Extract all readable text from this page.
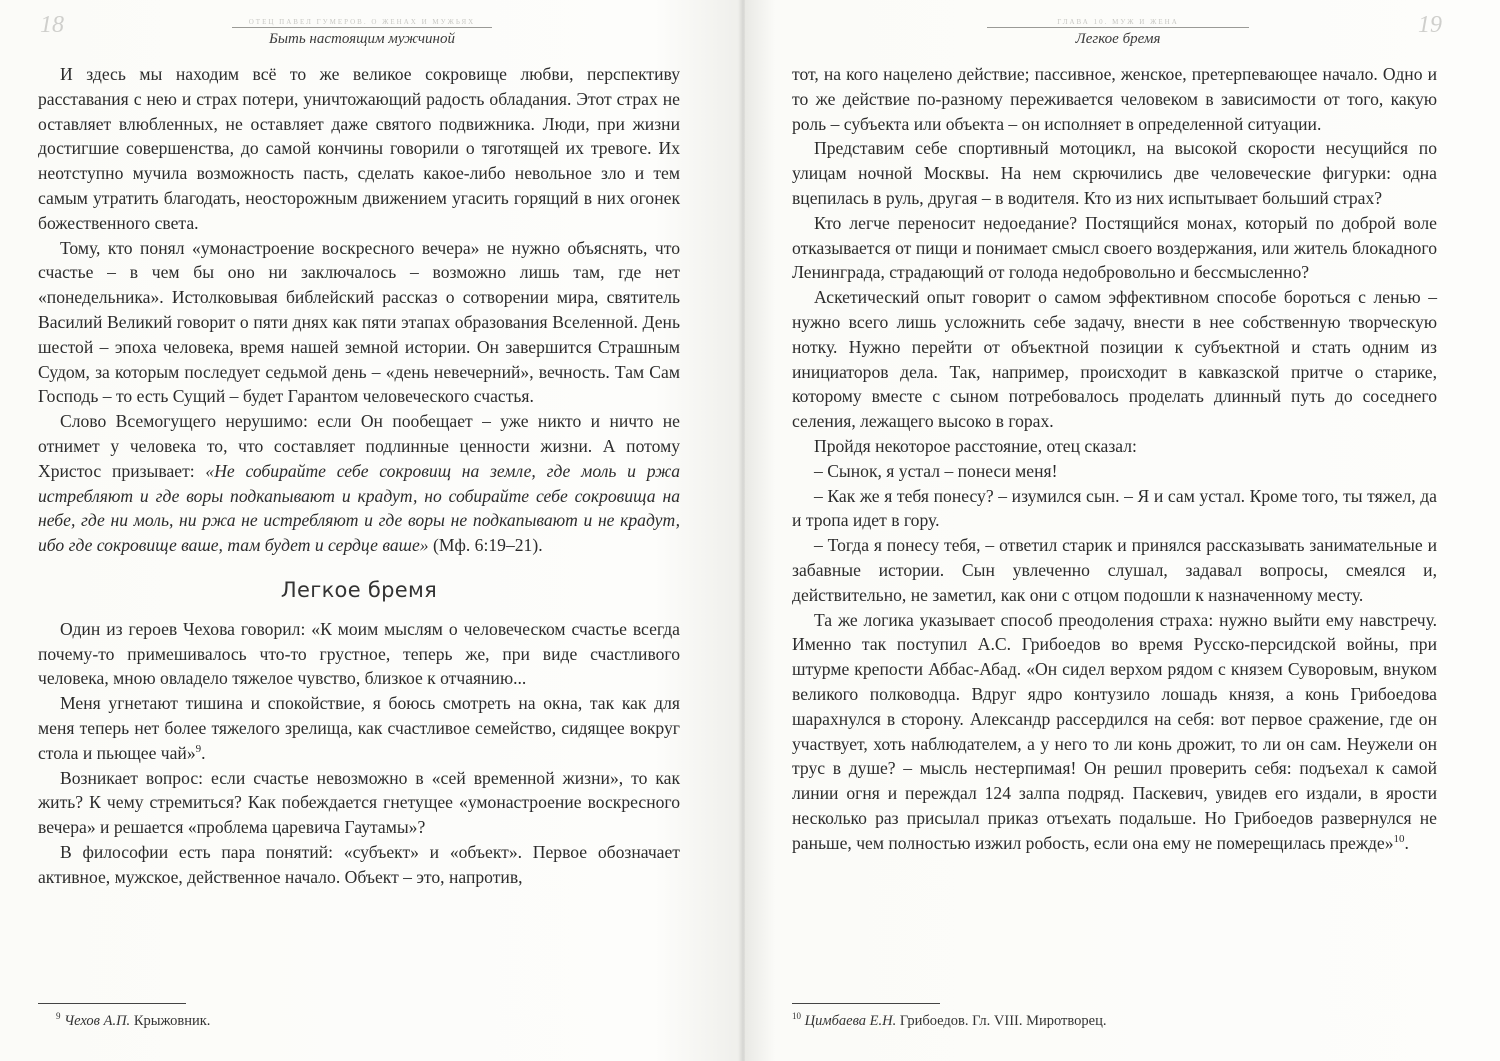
18	ОТЕЦ ПАВЕЛ ГУМЕРОВ. О ЖЕНАХ И МУЖЬЯХ
Быть настоящим мужчиной

И здесь мы находим всё то же великое сокровище любви, перспективу расставания с нею и страх потери, уничтожающий радость обладания. Этот страх не оставляет влюбленных, не оставляет даже святого подвижника. Люди, при жизни достигшие совершенства, до самой кончины говорили о тяготящей их тревоге. Их неотступно мучила возможность пасть, сделать какое-либо невольное зло и тем самым утратить благодать, неосторожным движением угасить горящий в них огонек божественного света.

Тому, кто понял «умонастроение воскресного вечера» не нужно объяснять, что счастье – в чем бы оно ни заключалось – возможно лишь там, где нет «понедельника». Истолковывая библейский рассказ о сотворении мира, святитель Василий Великий говорит о пяти днях как пяти этапах образования Вселенной. День шестой – эпоха человека, время нашей земной истории. Он завершится Страшным Судом, за которым последует седьмой день – «день невечерний», вечность. Там Сам Господь – то есть Сущий – будет Гарантом человеческого счастья.

Слово Всемогущего нерушимо: если Он пообещает – уже никто и ничто не отнимет у человека то, что составляет подлинные ценности жизни. А потому Христос призывает: «Не собирайте себе сокровищ на земле, где моль и ржа истребляют и где воры подкапывают и крадут, но собирайте себе сокровища на небе, где ни моль, ни ржа не истребляют и где воры не подкапывают и не крадут, ибо где сокровище ваше, там будет и сердце ваше» (Мф. 6:19–21).

Легкое бремя

Один из героев Чехова говорил: «К моим мыслям о человеческом счастье всегда почему-то примешивалось что-то грустное, теперь же, при виде счастливого человека, мною овладело тяжелое чувство, близкое к отчаянию...

Меня угнетают тишина и спокойствие, я боюсь смотреть на окна, так как для меня теперь нет более тяжелого зрелища, как счастливое семейство, сидящее вокруг стола и пьющее чай»$^9$.

Возникает вопрос: если счастье невозможно в «сей временной жизни», то как жить? К чему стремиться? Как побеждается гнетущее «умонастроение воскресного вечера» и решается «проблема царевича Гаутамы»?

В философии есть пара понятий: «субъект» и «объект». Первое обозначает активное, мужское, действенное начало. Объект – это, напротив,

$^9$ Чехов А.П. Крыжовник.
19
ГЛАВА 10. МУЖ И ЖЕНА
Легкое бремя

тот, на кого нацелено действие; пассивное, женское, претерпевающее начало. Одно и то же действие по-разному переживается человеком в зависимости от того, какую роль – субъекта или объекта – он исполняет в определенной ситуации.

Представим себе спортивный мотоцикл, на высокой скорости несущийся по улицам ночной Москвы. На нем скрючились две человеческие фигурки: одна вцепилась в руль, другая – в водителя. Кто из них испытывает больший страх?

Кто легче переносит недоедание? Постящийся монах, который по доброй воле отказывается от пищи и понимает смысл своего воздержания, или житель блокадного Ленинграда, страдающий от голода недобровольно и бессмысленно?

Аскетический опыт говорит о самом эффективном способе бороться с ленью – нужно всего лишь усложнить себе задачу, внести в нее собственную творческую нотку. Нужно перейти от объектной позиции к субъектной и стать одним из инициаторов дела. Так, например, происходит в кавказской притче о старике, которому вместе с сыном потребовалось проделать длинный путь до соседнего селения, лежащего высоко в горах.

Пройдя некоторое расстояние, отец сказал:

– Сынок, я устал – понеси меня!

– Как же я тебя понесу? – изумился сын. – Я и сам устал. Кроме того, ты тяжел, да и тропа идет в гору.

– Тогда я понесу тебя, – ответил старик и принялся рассказывать занимательные и забавные истории. Сын увлеченно слушал, задавал вопросы, смеялся и, действительно, не заметил, как они с отцом подошли к назначенному месту.

Та же логика указывает способ преодоления страха: нужно выйти ему навстречу. Именно так поступил А.С. Грибоедов во время Русско-персидской войны, при штурме крепости Аббас-Абад. «Он сидел верхом рядом с князем Суворовым, внуком великого полководца. Вдруг ядро контузило лошадь князя, а конь Грибоедова шарахнулся в сторону. Александр рассердился на себя: вот первое сражение, где он участвует, хоть наблюдателем, а у него то ли конь дрожит, то ли он сам. Неужели он трус в душе? – мысль нестерпимая! Он решил проверить себя: подъехал к самой линии огня и переждал 124 залпа подряд. Паскевич, увидев его издали, в ярости несколько раз присылал приказ отъехать подальше. Но Грибоедов развернулся не раньше, чем полностью изжил робость, если она ему не померещилась прежде»$^{10}$.

$^{10}$ Цимбаева Е.Н. Грибоедов. Гл. VIII. Миротворец.
